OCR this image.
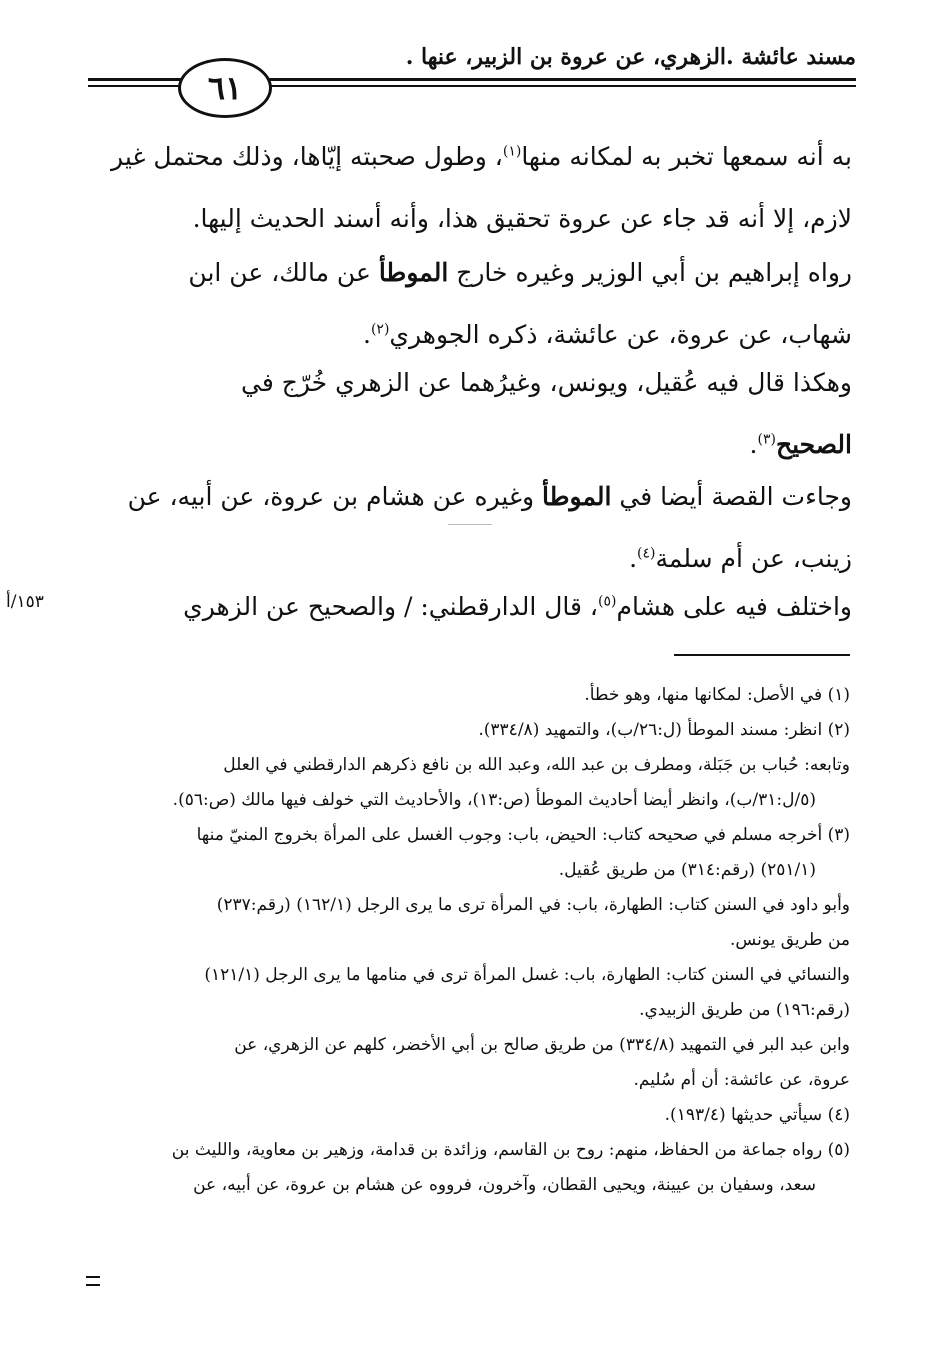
مسند عائشة .الزهري، عن عروة بن الزبير، عنها .
٦١
به أنه سمعها تخبر به لمكانه منها$^{(١)}$، وطول صحبته إيّاها، وذلك محتمل غير
لازم، إلا أنه قد جاء عن عروة تحقيق هذا، وأنه أسند الحديث إليها.
رواه إبراهيم بن أبي الوزير وغيره خارج الموطأ عن مالك، عن ابن
شهاب، عن عروة، عن عائشة، ذكره الجوهري$^{(٢)}$.
وهكذا قال فيه عُقيل، ويونس، وغيرُهما عن الزهري خُرّج في
الصحيح$^{(٣)}$.
وجاءت القصة أيضا في الموطأ وغيره عن هشام بن عروة، عن أبيه، عن
زينب، عن أم سلمة$^{(٤)}$.
واختلف فيه على هشام$^{(٥)}$، قال الدارقطني: / والصحيح عن الزهري
١٥٣/أ
(١) في الأصل: لمكانها منها، وهو خطأ.
(٢) انظر: مسند الموطأ (ل:٢٦/ب)، والتمهيد (٣٣٤/٨).
وتابعه: حُباب بن جَبَلة، ومطرف بن عبد الله، وعبد الله بن نافع ذكرهم الدارقطني في العلل
(٥/ل:٣١/ب)، وانظر أيضا أحاديث الموطأ (ص:١٣)، والأحاديث التي خولف فيها مالك (ص:٥٦).
(٣) أخرجه مسلم في صحيحه كتاب: الحيض، باب: وجوب الغسل على المرأة بخروج المنيّ منها
(٢٥١/١) (رقم:٣١٤) من طريق عُقيل.
وأبو داود في السنن كتاب: الطهارة، باب: في المرأة ترى ما يرى الرجل (١٦٢/١) (رقم:٢٣٧)
من طريق يونس.
والنسائي في السنن كتاب: الطهارة، باب: غسل المرأة ترى في منامها ما يرى الرجل (١٢١/١)
(رقم:١٩٦) من طريق الزبيدي.
وابن عبد البر في التمهيد (٣٣٤/٨) من طريق صالح بن أبي الأخضر، كلهم عن الزهري، عن
عروة، عن عائشة: أن أم سُليم.
(٤) سيأتي حديثها (١٩٣/٤).
(٥) رواه جماعة من الحفاظ، منهم: روح بن القاسم، وزائدة بن قدامة، وزهير بن معاوية، والليث بن
سعد، وسفيان بن عيينة، ويحيى القطان، وآخرون، فرووه عن هشام بن عروة، عن أبيه، عن
